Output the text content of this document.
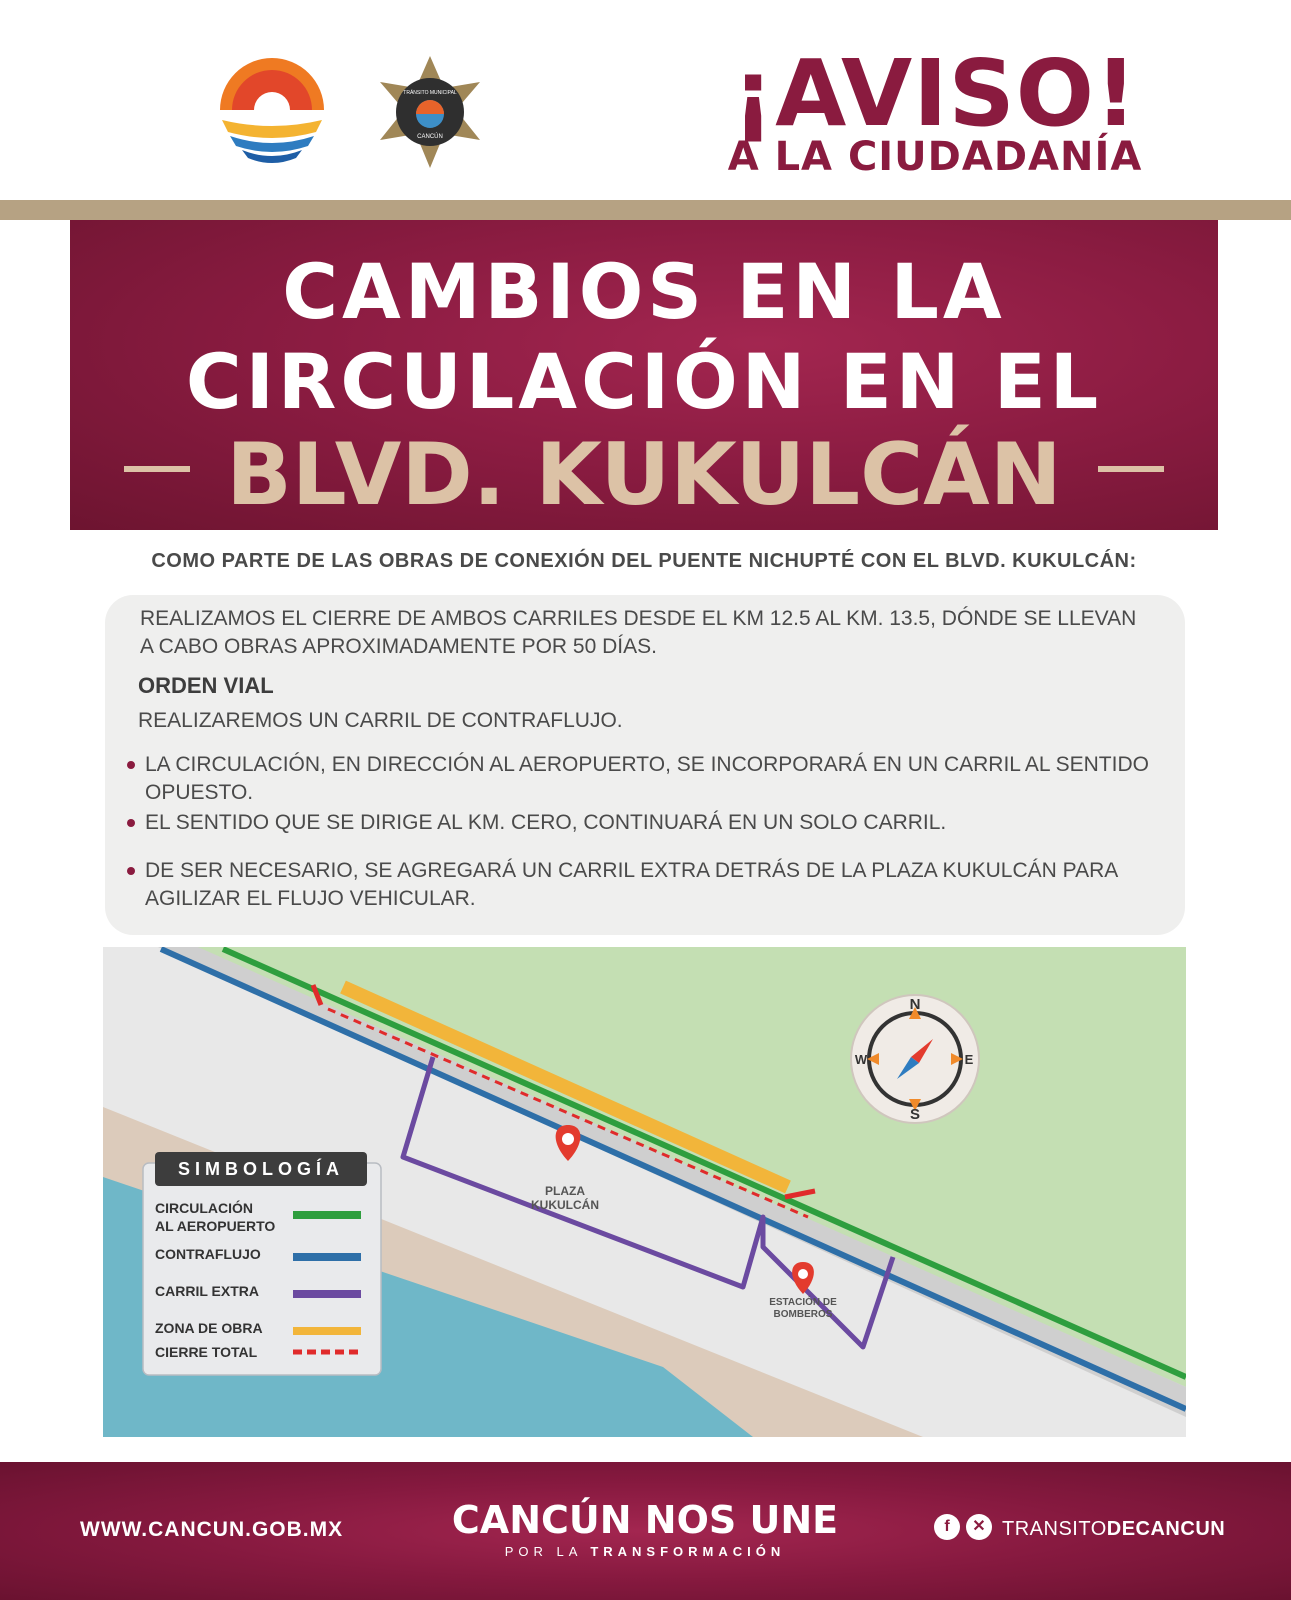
TRÁNSITO MUNICIPAL
CANCÚN	¡AVISO!
A LA CIUDADANÍA
CAMBIOS EN LA
CIRCULACIÓN EN EL
BLVD. KUKULCÁN
COMO PARTE DE LAS OBRAS DE CONEXIÓN DEL PUENTE NICHUPTÉ CON EL BLVD. KUKULCÁN:
REALIZAMOS EL CIERRE DE AMBOS CARRILES DESDE EL KM 12.5 AL KM. 13.5, DÓNDE SE LLEVAN A CABO OBRAS APROXIMADAMENTE POR 50 DÍAS.
ORDEN VIAL
REALIZAREMOS UN CARRIL DE CONTRAFLUJO.
LA CIRCULACIÓN, EN DIRECCIÓN AL AEROPUERTO, SE INCORPORARÁ EN UN CARRIL AL SENTIDO OPUESTO.
EL SENTIDO QUE SE DIRIGE AL KM. CERO, CONTINUARÁ EN UN SOLO CARRIL.
DE SER NECESARIO, SE AGREGARÁ UN CARRIL EXTRA DETRÁS DE LA PLAZA KUKULCÁN PARA AGILIZAR EL FLUJO VEHICULAR.
N
S
W	E
PLAZA
KUKULCÁN
ESTACIÓN DE
BOMBEROS
SIMBOLOGÍA
CIRCULACIÓN
AL AEROPUERTO
CONTRAFLUJO
CARRIL EXTRA
ZONA DE OBRA
CIERRE TOTAL
WWW.CANCUN.GOB.MX	CANCÚN NOS UNE
POR LA TRANSFORMACIÓN
f	✕ TRANSITODECANCUN
